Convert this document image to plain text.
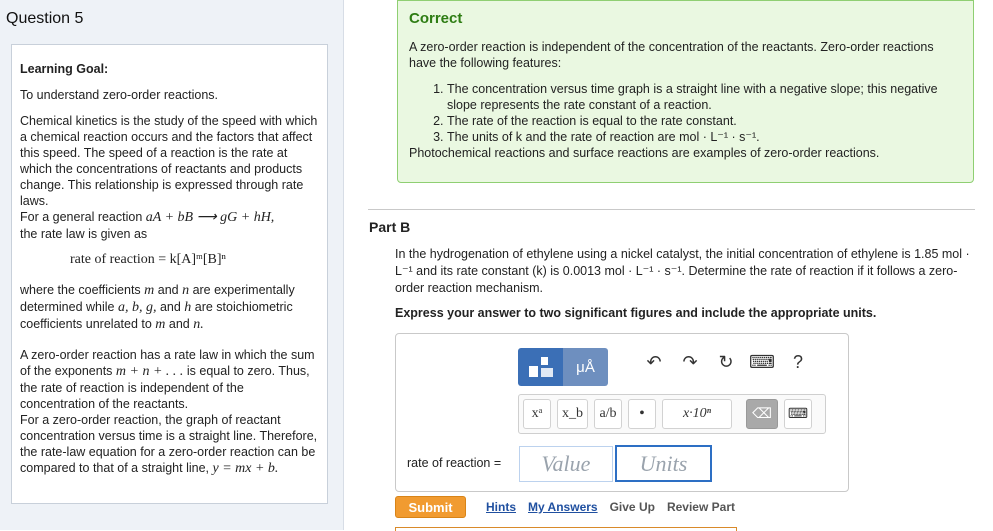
Question 5

Learning Goal:

To understand zero-order reactions.

Chemical kinetics is the study of the speed with which a chemical reaction occurs and the factors that affect this speed. The speed of a reaction is the rate at which the concentrations of reactants and products change. This relationship is expressed through rate laws.

For a general reaction aA + bB ⟶ gG + hH,
the rate law is given as

rate of reaction = k[A]ᵐ[B]ⁿ

where the coefficients m and n are experimentally determined while a, b, g, and h are stoichiometric coefficients unrelated to m and n.

A zero-order reaction has a rate law in which the sum of the exponents m + n + . . . is equal to zero. Thus, the rate of reaction is independent of the concentration of the reactants.

For a zero-order reaction, the graph of reactant concentration versus time is a straight line. Therefore, the rate-law equation for a zero-order reaction can be compared to that of a straight line, y = mx + b.

Correct
A zero-order reaction is independent of the concentration of the reactants. Zero-order reactions have the following features:
1. The concentration versus time graph is a straight line with a negative slope; this negative slope represents the rate constant of a reaction.
2. The rate of the reaction is equal to the rate constant.
3. The units of k and the rate of reaction are mol · L⁻¹ · s⁻¹.
Photochemical reactions and surface reactions are examples of zero-order reactions.
Part B
In the hydrogenation of ethylene using a nickel catalyst, the initial concentration of ethylene is 1.85 mol · L⁻¹ and its rate constant (k) is 0.0013 mol · L⁻¹ · s⁻¹. Determine the rate of reaction if it follows a zero-order reaction mechanism.
Express your answer to two significant figures and include the appropriate units.
μÅ	↶	↷	↻ ⌨	?
xᵃ	x_b	a/b	•	x·10ⁿ	⌫	⌨
rate of reaction =	Value	Units
Submit	Hints My Answers Give Up Review Part
